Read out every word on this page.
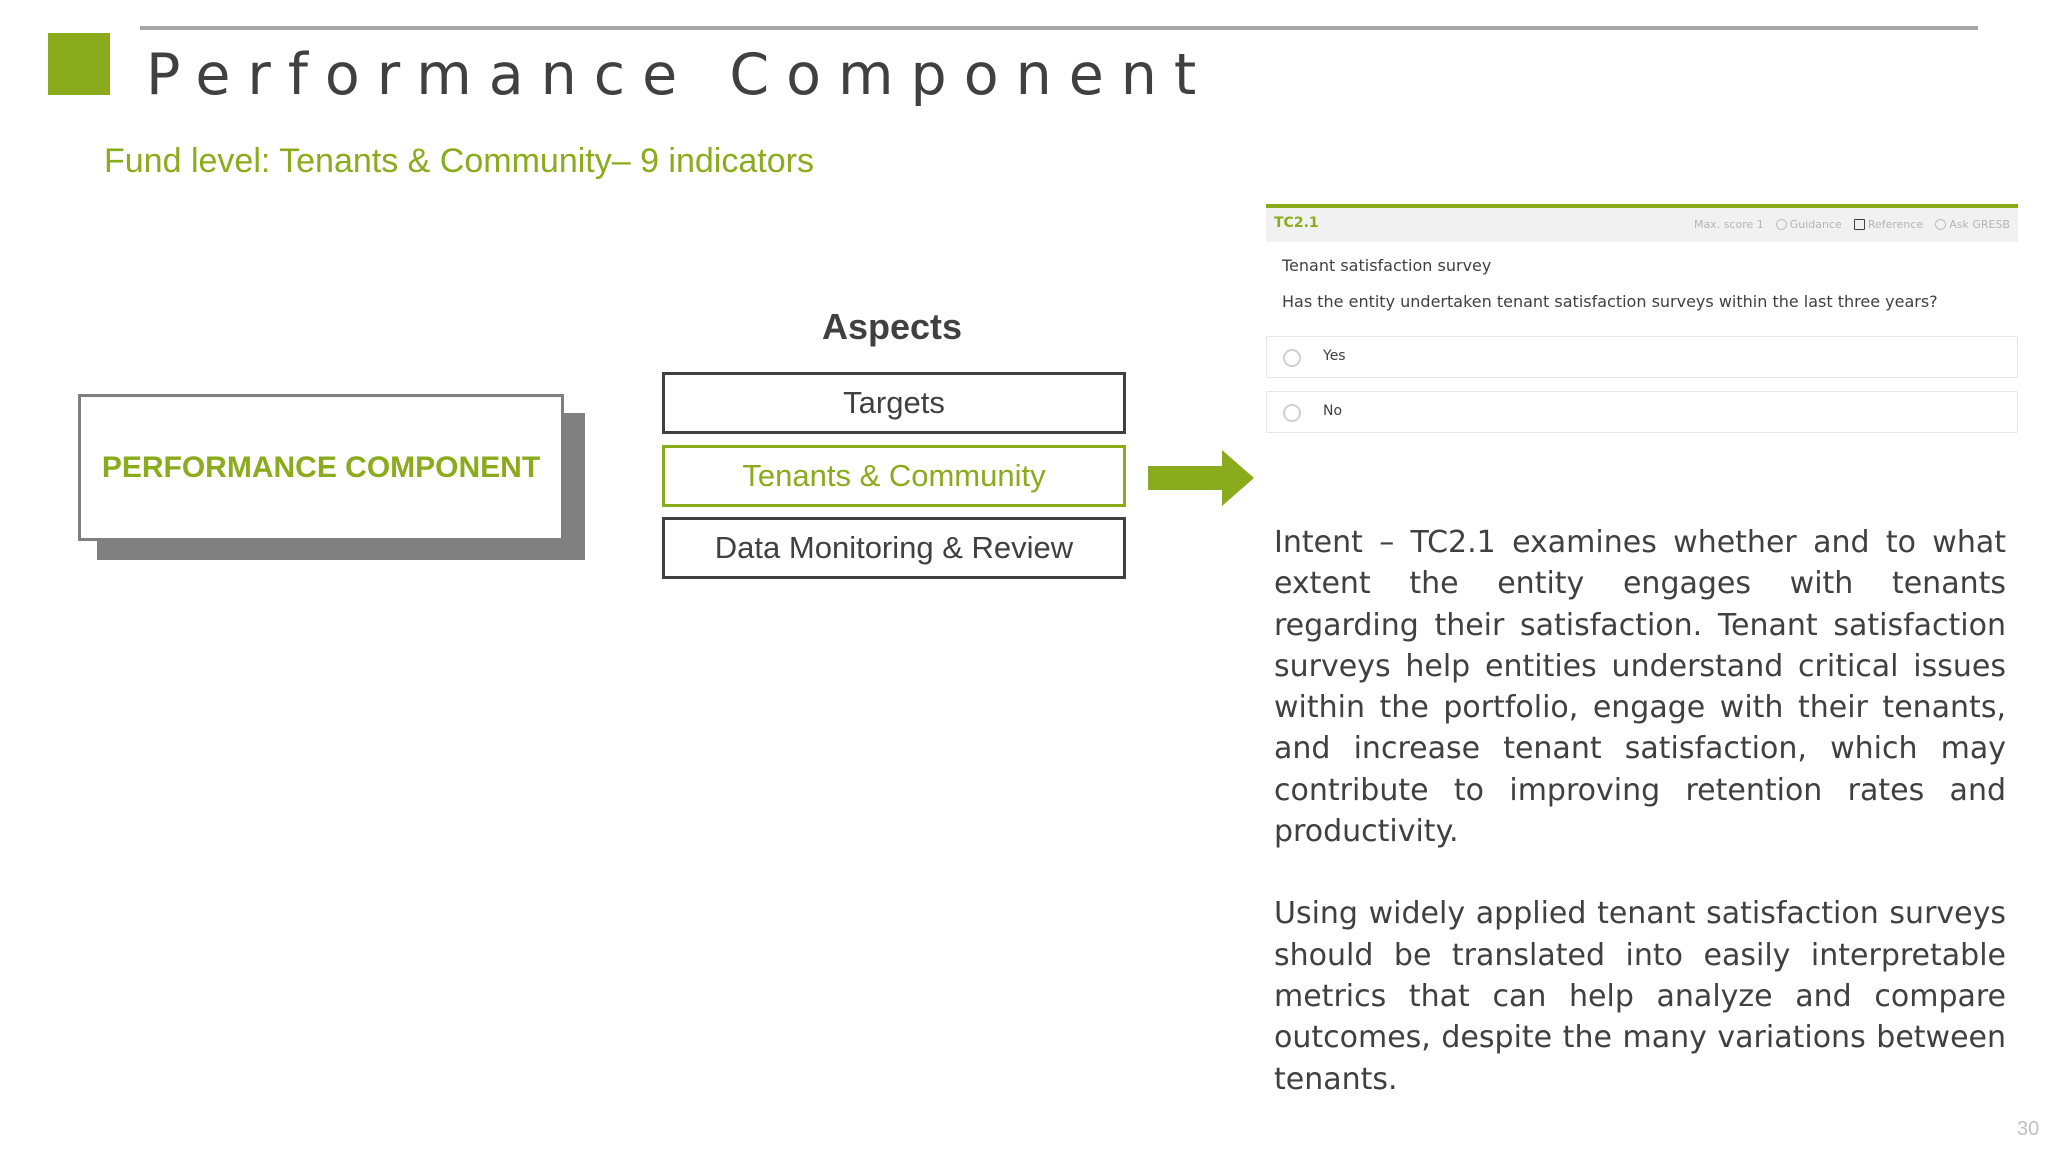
Performance Component
Fund level: Tenants & Community– 9 indicators
PERFORMANCE COMPONENT
Aspects
Targets
Tenants & Community
Data Monitoring & Review
TC2.1	Max. score 1	Guidance	Reference	Ask GRESB
Tenant satisfaction survey
Has the entity undertaken tenant satisfaction surveys within the last three years?
Yes
No

Intent – TC2.1 examines whether and to what extent the entity engages with tenants regarding their satisfaction. Tenant satisfaction surveys help entities understand critical issues within the portfolio, engage with their tenants, and increase tenant satisfaction, which may contribute to improving retention rates and productivity.

Using widely applied tenant satisfaction surveys should be translated into easily interpretable metrics that can help analyze and compare outcomes, despite the many variations between tenants.

30
